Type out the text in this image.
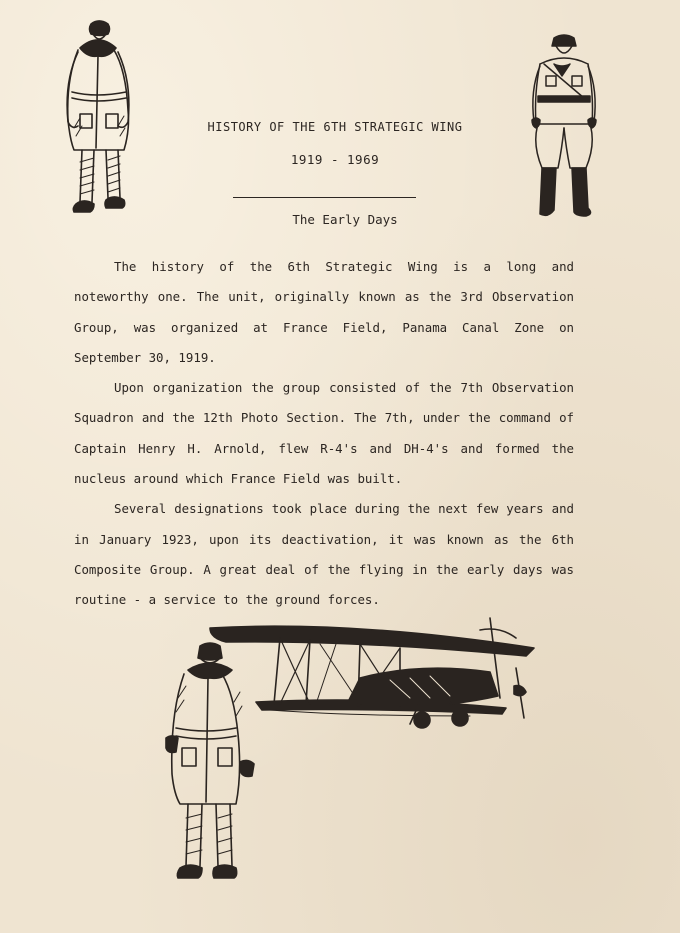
HISTORY OF THE 6TH STRATEGIC WING
1919 - 1969
The Early Days

The history of the 6th Strategic Wing is a long and noteworthy one. The unit, originally known as the 3rd Observation Group, was organized at France Field, Panama Canal Zone on September 30, 1919.

Upon organization the group consisted of the 7th Observation Squadron and the 12th Photo Section. The 7th, under the command of Captain Henry H. Arnold, flew R-4's and DH-4's and formed the nucleus around which France Field was built.

Several designations took place during the next few years and in January 1923, upon its deactivation, it was known as the 6th Composite Group. A great deal of the flying in the early days was routine - a service to the ground forces.
